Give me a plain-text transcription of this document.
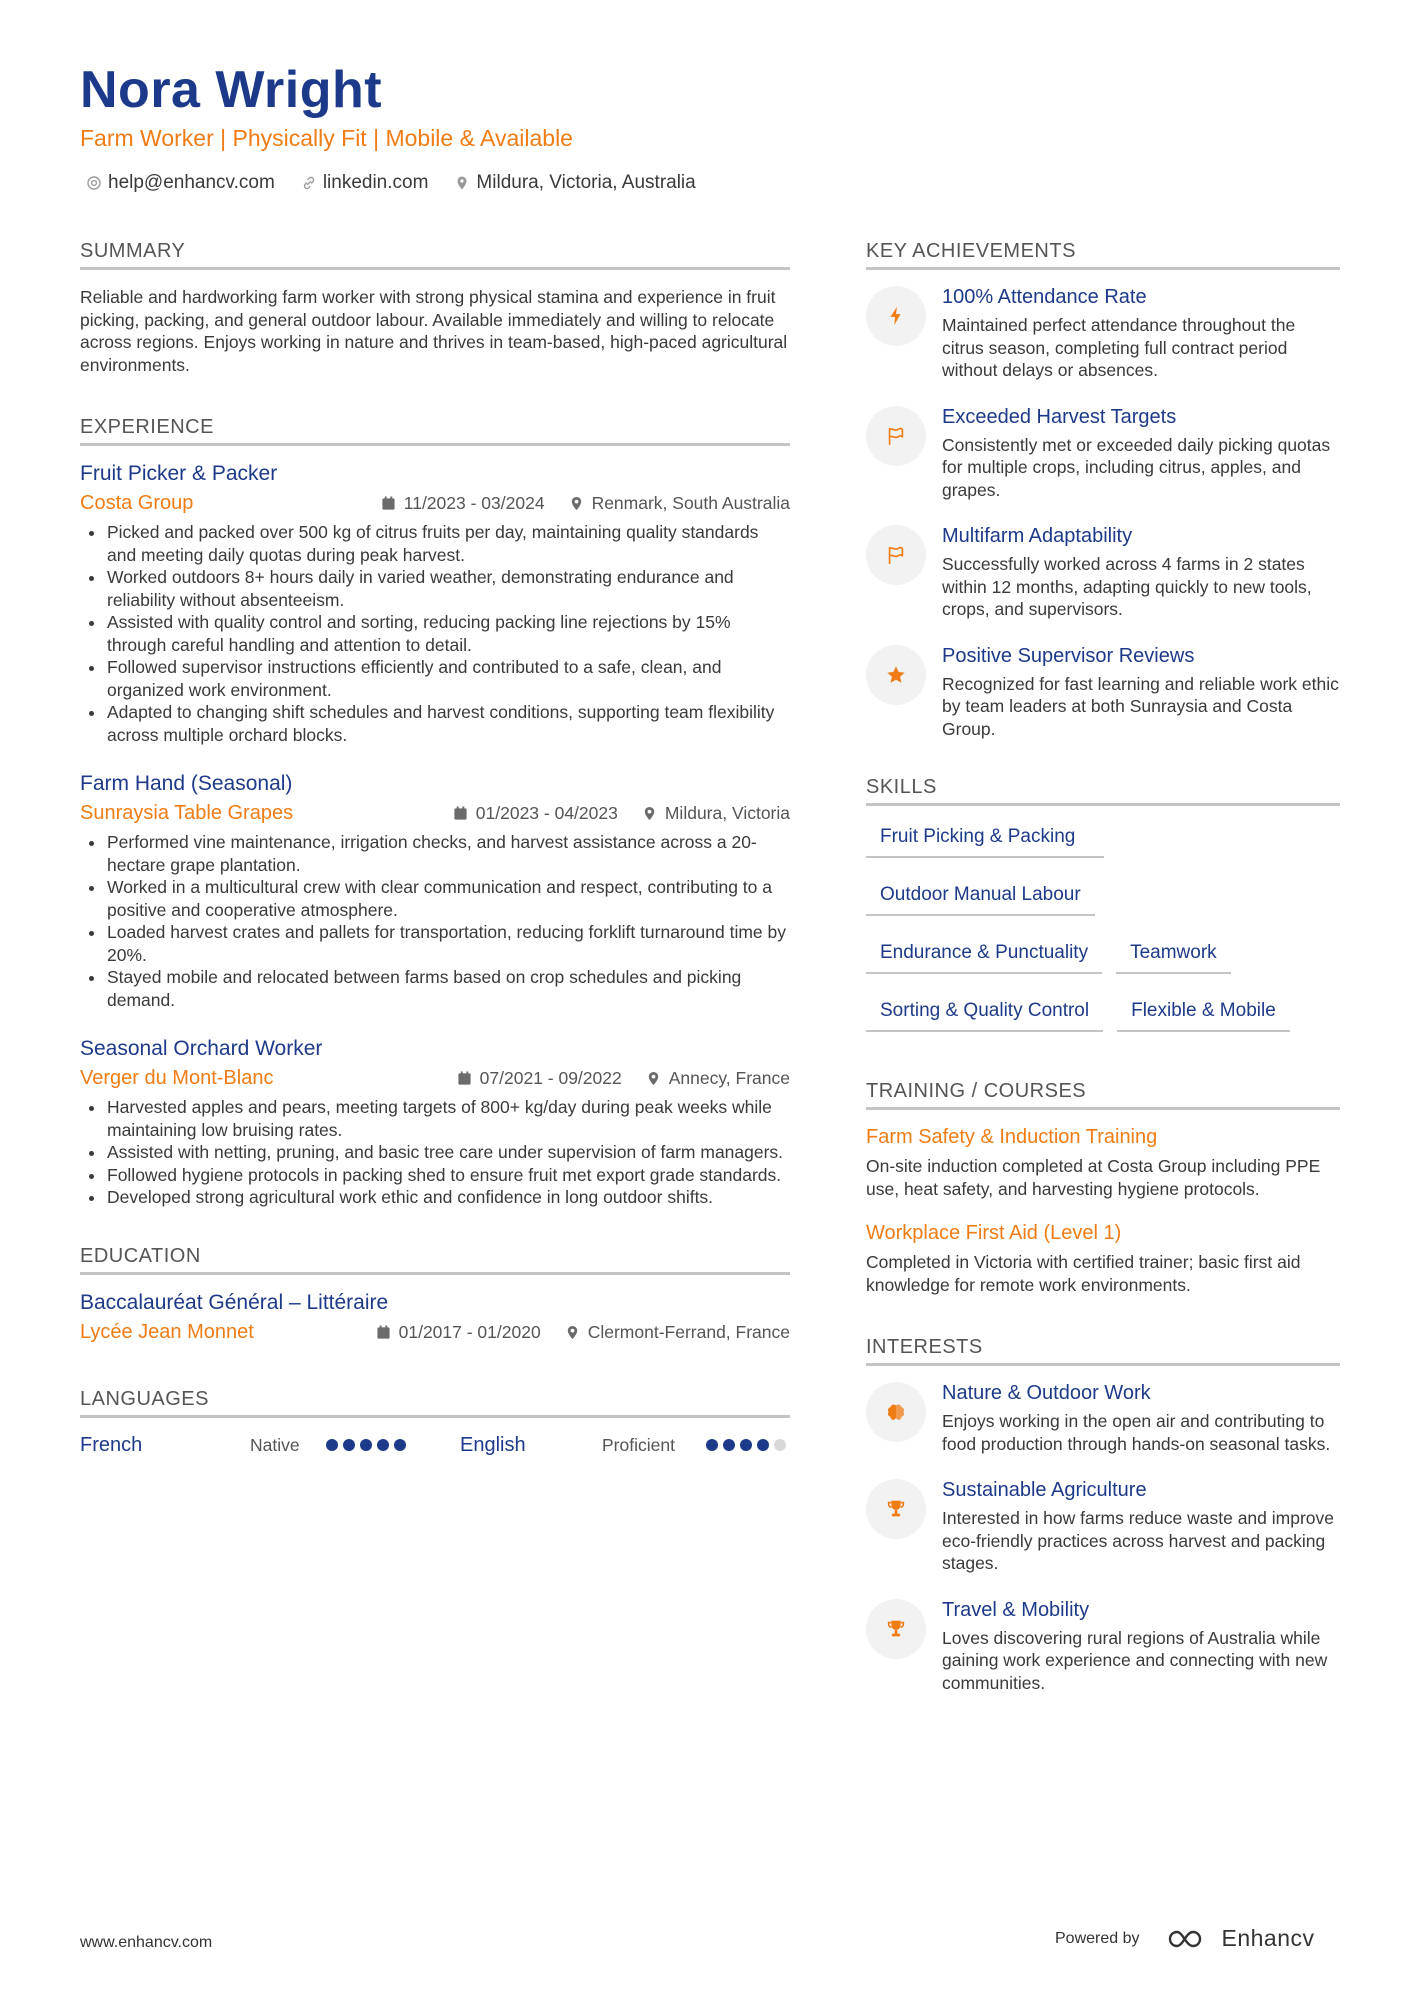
Nora Wright
Farm Worker | Physically Fit | Mobile & Available
help@enhancv.com	linkedin.com	Mildura, Victoria, Australia
SUMMARY
Reliable and hardworking farm worker with strong physical stamina and experience in fruit picking, packing, and general outdoor labour. Available immediately and willing to relocate across regions. Enjoys working in nature and thrives in team-based, high-paced agricultural environments.
EXPERIENCE
Fruit Picker & Packer
Costa Group	11/2023 - 03/2024	Renmark, South Australia
Picked and packed over 500 kg of citrus fruits per day, maintaining quality standards and meeting daily quotas during peak harvest.
Worked outdoors 8+ hours daily in varied weather, demonstrating endurance and reliability without absenteeism.
Assisted with quality control and sorting, reducing packing line rejections by 15% through careful handling and attention to detail.
Followed supervisor instructions efficiently and contributed to a safe, clean, and organized work environment.
Adapted to changing shift schedules and harvest conditions, supporting team flexibility across multiple orchard blocks.
Farm Hand (Seasonal)
Sunraysia Table Grapes	01/2023 - 04/2023	Mildura, Victoria
Performed vine maintenance, irrigation checks, and harvest assistance across a 20-hectare grape plantation.
Worked in a multicultural crew with clear communication and respect, contributing to a positive and cooperative atmosphere.
Loaded harvest crates and pallets for transportation, reducing forklift turnaround time by 20%.
Stayed mobile and relocated between farms based on crop schedules and picking demand.
Seasonal Orchard Worker
Verger du Mont-Blanc	07/2021 - 09/2022	Annecy, France
Harvested apples and pears, meeting targets of 800+ kg/day during peak weeks while maintaining low bruising rates.
Assisted with netting, pruning, and basic tree care under supervision of farm managers.
Followed hygiene protocols in packing shed to ensure fruit met export grade standards.
Developed strong agricultural work ethic and confidence in long outdoor shifts.
EDUCATION
Baccalauréat Général – Littéraire
Lycée Jean Monnet	01/2017 - 01/2020	Clermont-Ferrand, France
LANGUAGES
French	Native	English	Proficient
KEY ACHIEVEMENTS
100% Attendance Rate
Maintained perfect attendance throughout the citrus season, completing full contract period without delays or absences.
Exceeded Harvest Targets
Consistently met or exceeded daily picking quotas for multiple crops, including citrus, apples, and grapes.
Multifarm Adaptability
Successfully worked across 4 farms in 2 states within 12 months, adapting quickly to new tools, crops, and supervisors.
Positive Supervisor Reviews
Recognized for fast learning and reliable work ethic by team leaders at both Sunraysia and Costa Group.
SKILLS
Fruit Picking & Packing
Outdoor Manual Labour
Endurance & Punctuality	Teamwork
Sorting & Quality Control	Flexible & Mobile
TRAINING / COURSES
Farm Safety & Induction Training
On-site induction completed at Costa Group including PPE use, heat safety, and harvesting hygiene protocols.
Workplace First Aid (Level 1)
Completed in Victoria with certified trainer; basic first aid knowledge for remote work environments.
INTERESTS
Nature & Outdoor Work
Enjoys working in the open air and contributing to food production through hands-on seasonal tasks.
Sustainable Agriculture
Interested in how farms reduce waste and improve eco-friendly practices across harvest and packing stages.
Travel & Mobility
Loves discovering rural regions of Australia while gaining work experience and connecting with new communities.
www.enhancv.com	Powered by	Enhancv
